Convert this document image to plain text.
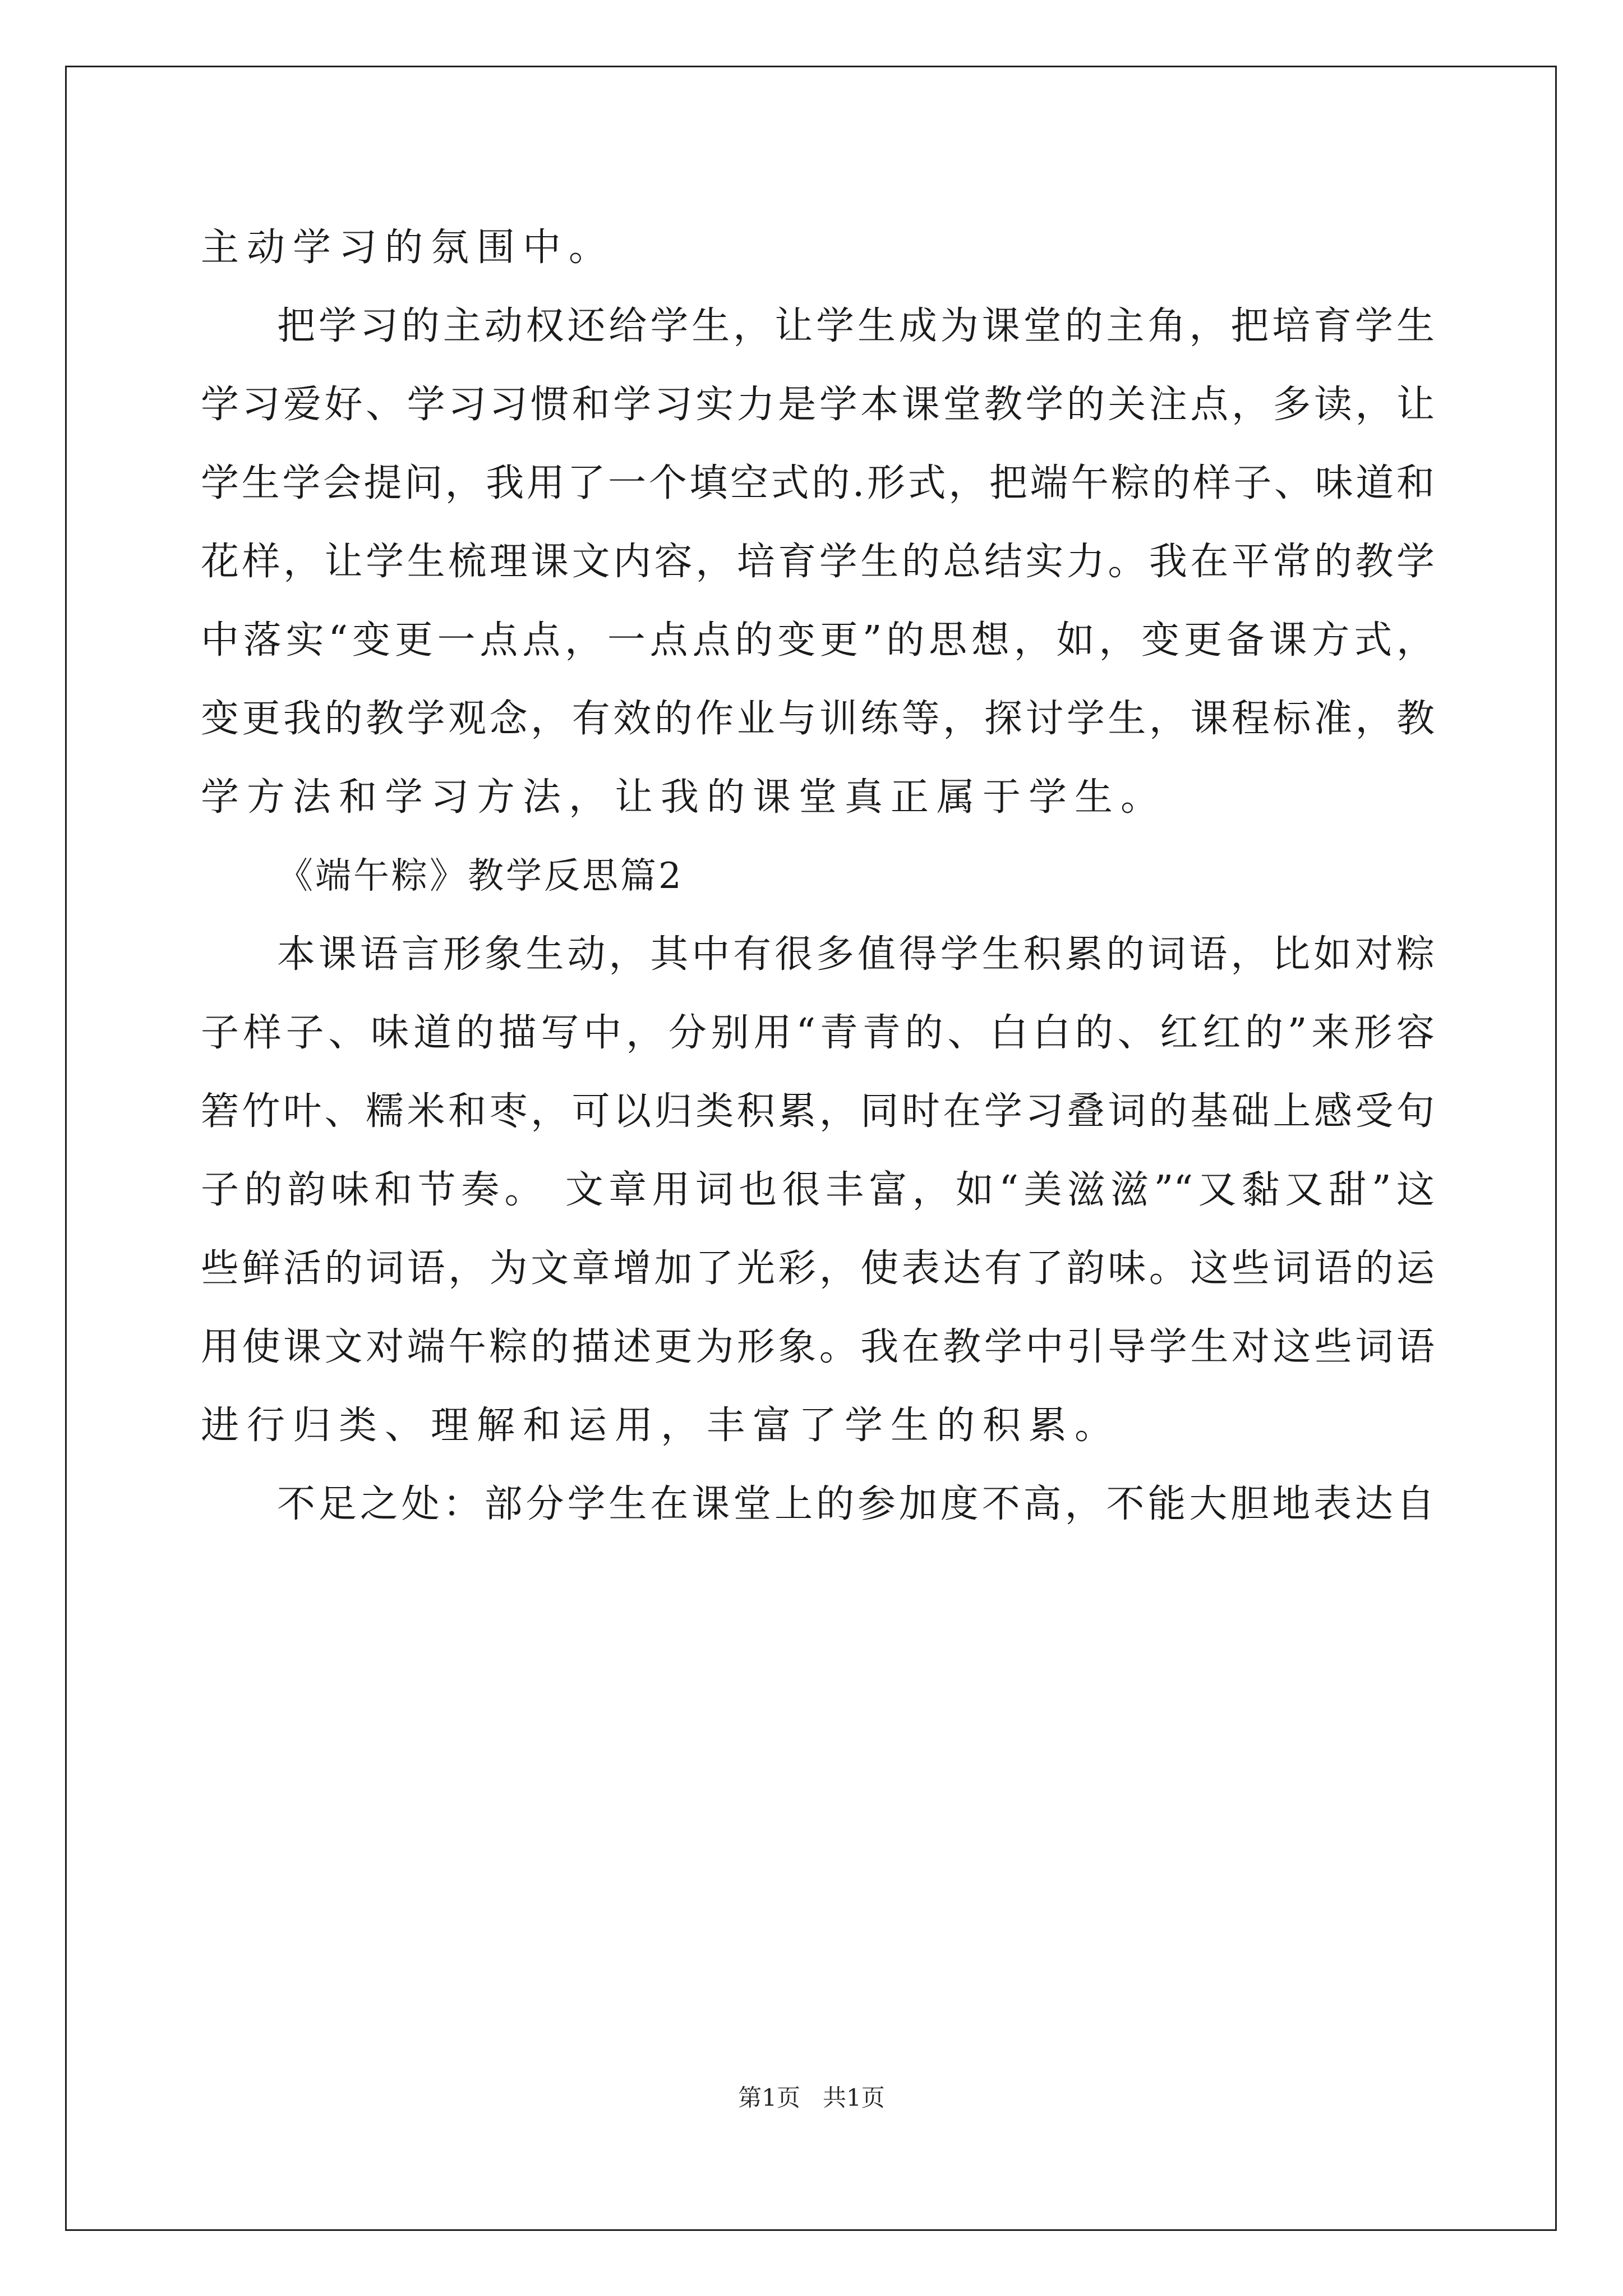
主动学习的氛围中。
把学习的主动权还给学生，让学生成为课堂的主角，把培育学生
学习爱好、学习习惯和学习实力是学本课堂教学的关注点，多读，让
学生学会提问，我用了一个填空式的.形式，把端午粽的样子、味道和
花样，让学生梳理课文内容，培育学生的总结实力。我在平常的教学
中落实“变更一点点，一点点的变更”的思想，如，变更备课方式，
变更我的教学观念，有效的作业与训练等，探讨学生，课程标准，教
学方法和学习方法，让我的课堂真正属于学生。
《端午粽》教学反思篇2
本课语言形象生动，其中有很多值得学生积累的词语，比如对粽
子样子、味道的描写中，分别用“青青的、白白的、红红的”来形容
箬竹叶、糯米和枣，可以归类积累，同时在学习叠词的基础上感受句
子的韵味和节奏。 文章用词也很丰富，如“美滋滋”“又黏又甜”这
些鲜活的词语，为文章增加了光彩，使表达有了韵味。这些词语的运
用使课文对端午粽的描述更为形象。我在教学中引导学生对这些词语
进行归类、理解和运用，丰富了学生的积累。
不足之处：部分学生在课堂上的参加度不高，不能大胆地表达自
第1页   共1页
